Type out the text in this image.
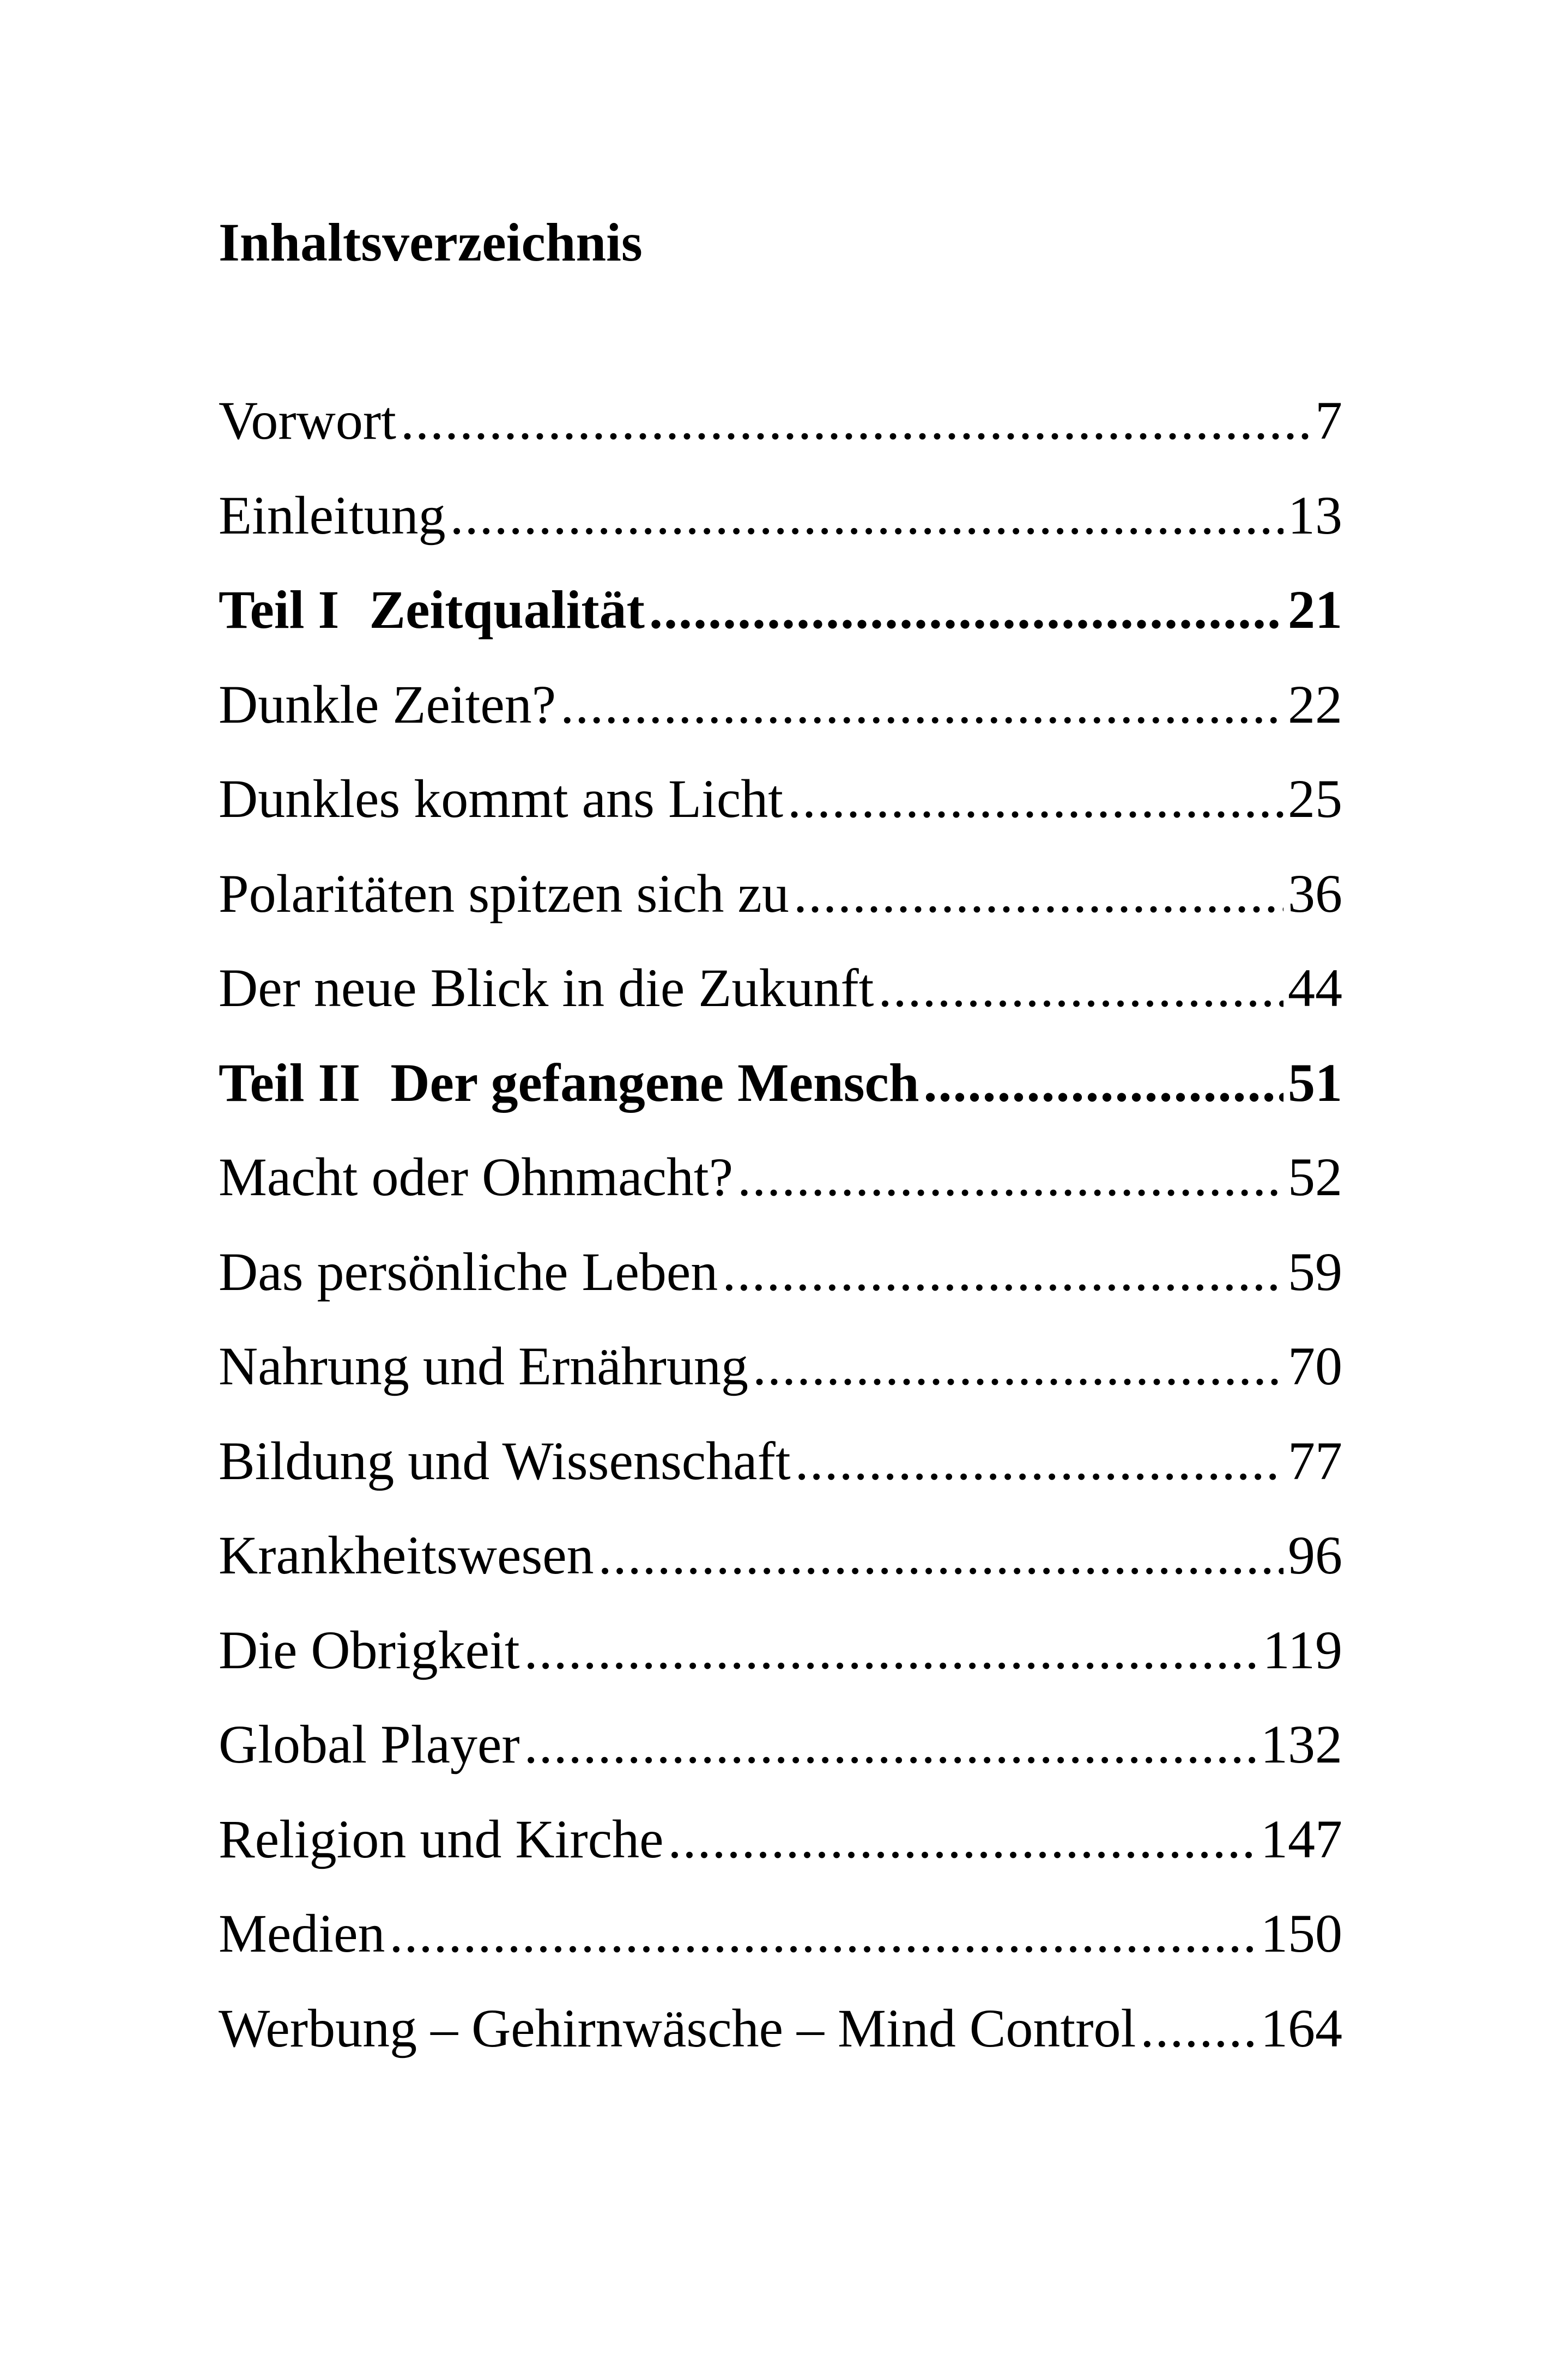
Inhaltsverzeichnis
Vorwort .....	7
Einleitung .....	13
Teil I Zeitqualität .....	21
Dunkle Zeiten? .....	22
Dunkles kommt ans Licht .....	25
Polaritäten spitzen sich zu .....	36
Der neue Blick in die Zukunft .....	44
Teil II Der gefangene Mensch .....	51
Macht oder Ohnmacht? .....	52
Das persönliche Leben .....	59
Nahrung und Ernährung .....	70
Bildung und Wissenschaft .....	77
Krankheitswesen .....	96
Die Obrigkeit .....	119
Global Player .....	132
Religion und Kirche .....	147
Medien .....	150
Werbung – Gehirnwäsche – Mind Control ..... 164
